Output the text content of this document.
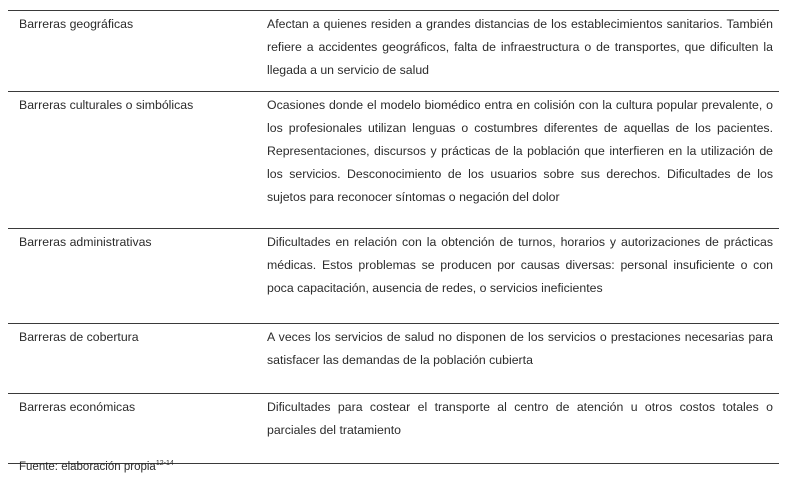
Barreras geográficas	Afectan a quienes residen a grandes distancias de los establecimientos sanitarios. También refiere a accidentes geográficos, falta de infraestructura o de transportes, que dificulten la llegada a un servicio de salud
Barreras culturales o simbólicas	Ocasiones donde el modelo biomédico entra en colisión con la cultura popular prevalente, o los profesionales utilizan lenguas o costumbres diferentes de aquellas de los pacientes. Representaciones, discursos y prácticas de la población que interfieren en la utilización de los servicios. Desconocimiento de los usuarios sobre sus derechos. Dificultades de los sujetos para reconocer síntomas o negación del dolor
Barreras administrativas	Dificultades en relación con la obtención de turnos, horarios y autorizaciones de prácticas médicas. Estos problemas se producen por causas diversas: personal insuficiente o con poca capacitación, ausencia de redes, o servicios ineficientes
Barreras de cobertura	A veces los servicios de salud no disponen de los servicios o prestaciones necesarias para satisfacer las demandas de la población cubierta
Barreras económicas	Dificultades para costear el transporte al centro de atención u otros costos totales o parciales del tratamiento
Fuente: elaboración propia$^{12-14}$
